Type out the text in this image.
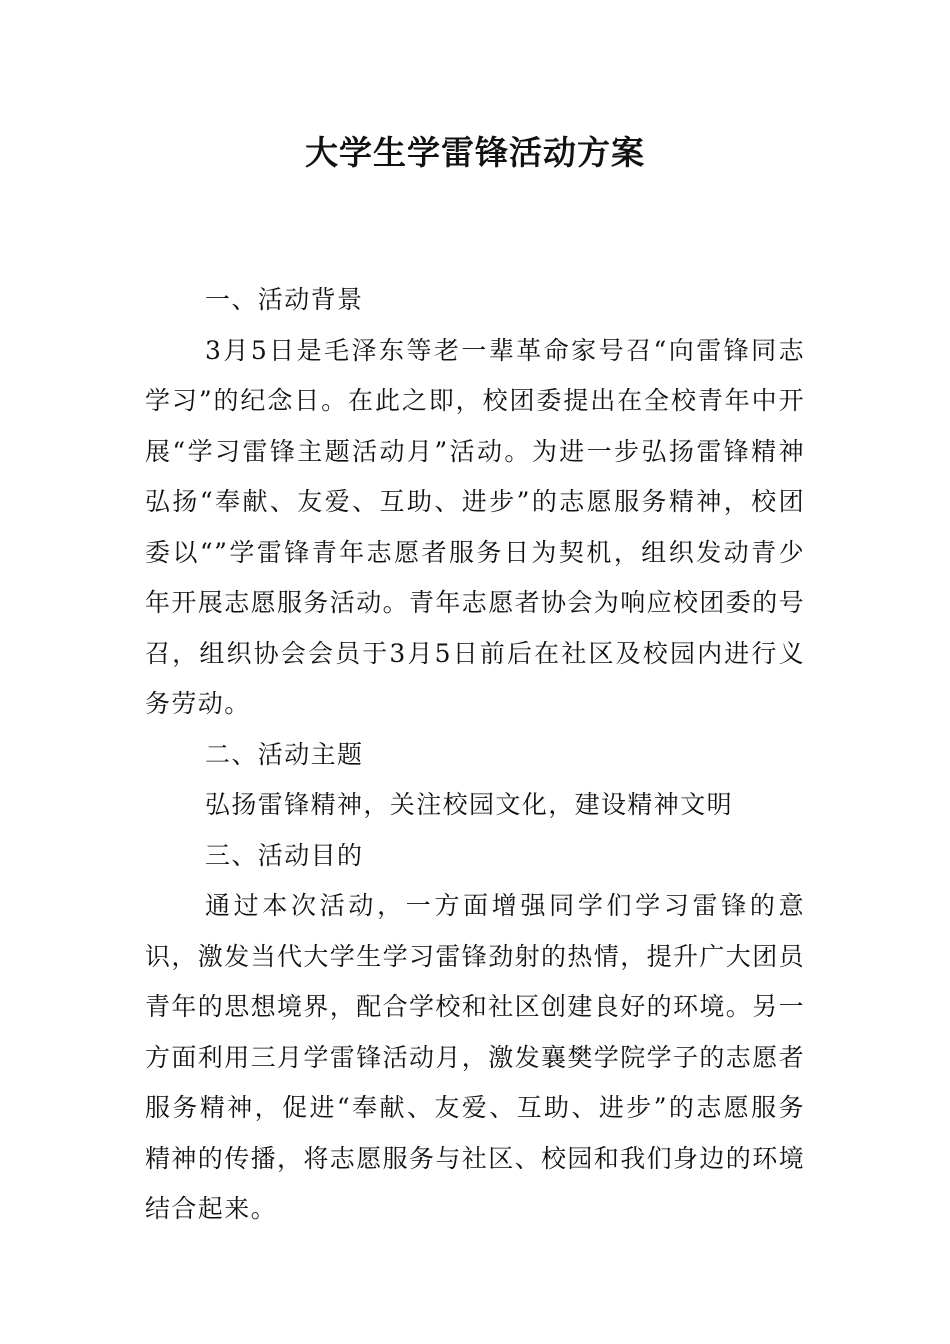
大学生学雷锋活动方案

一、活动背景

3月5日是毛泽东等老一辈革命家号召“向雷锋同志学习”的纪念日。在此之即，校团委提出在全校青年中开展“学习雷锋主题活动月”活动。为进一步弘扬雷锋精神弘扬“奉献、友爱、互助、进步”的志愿服务精神，校团委以“”学雷锋青年志愿者服务日为契机，组织发动青少年开展志愿服务活动。青年志愿者协会为响应校团委的号召，组织协会会员于3月5日前后在社区及校园内进行义务劳动。

二、活动主题

弘扬雷锋精神，关注校园文化，建设精神文明

三、活动目的

通过本次活动，一方面增强同学们学习雷锋的意识，激发当代大学生学习雷锋劲射的热情，提升广大团员青年的思想境界，配合学校和社区创建良好的环境。另一方面利用三月学雷锋活动月，激发襄樊学院学子的志愿者服务精神，促进“奉献、友爱、互助、进步”的志愿服务精神的传播，将志愿服务与社区、校园和我们身边的环境结合起来。
